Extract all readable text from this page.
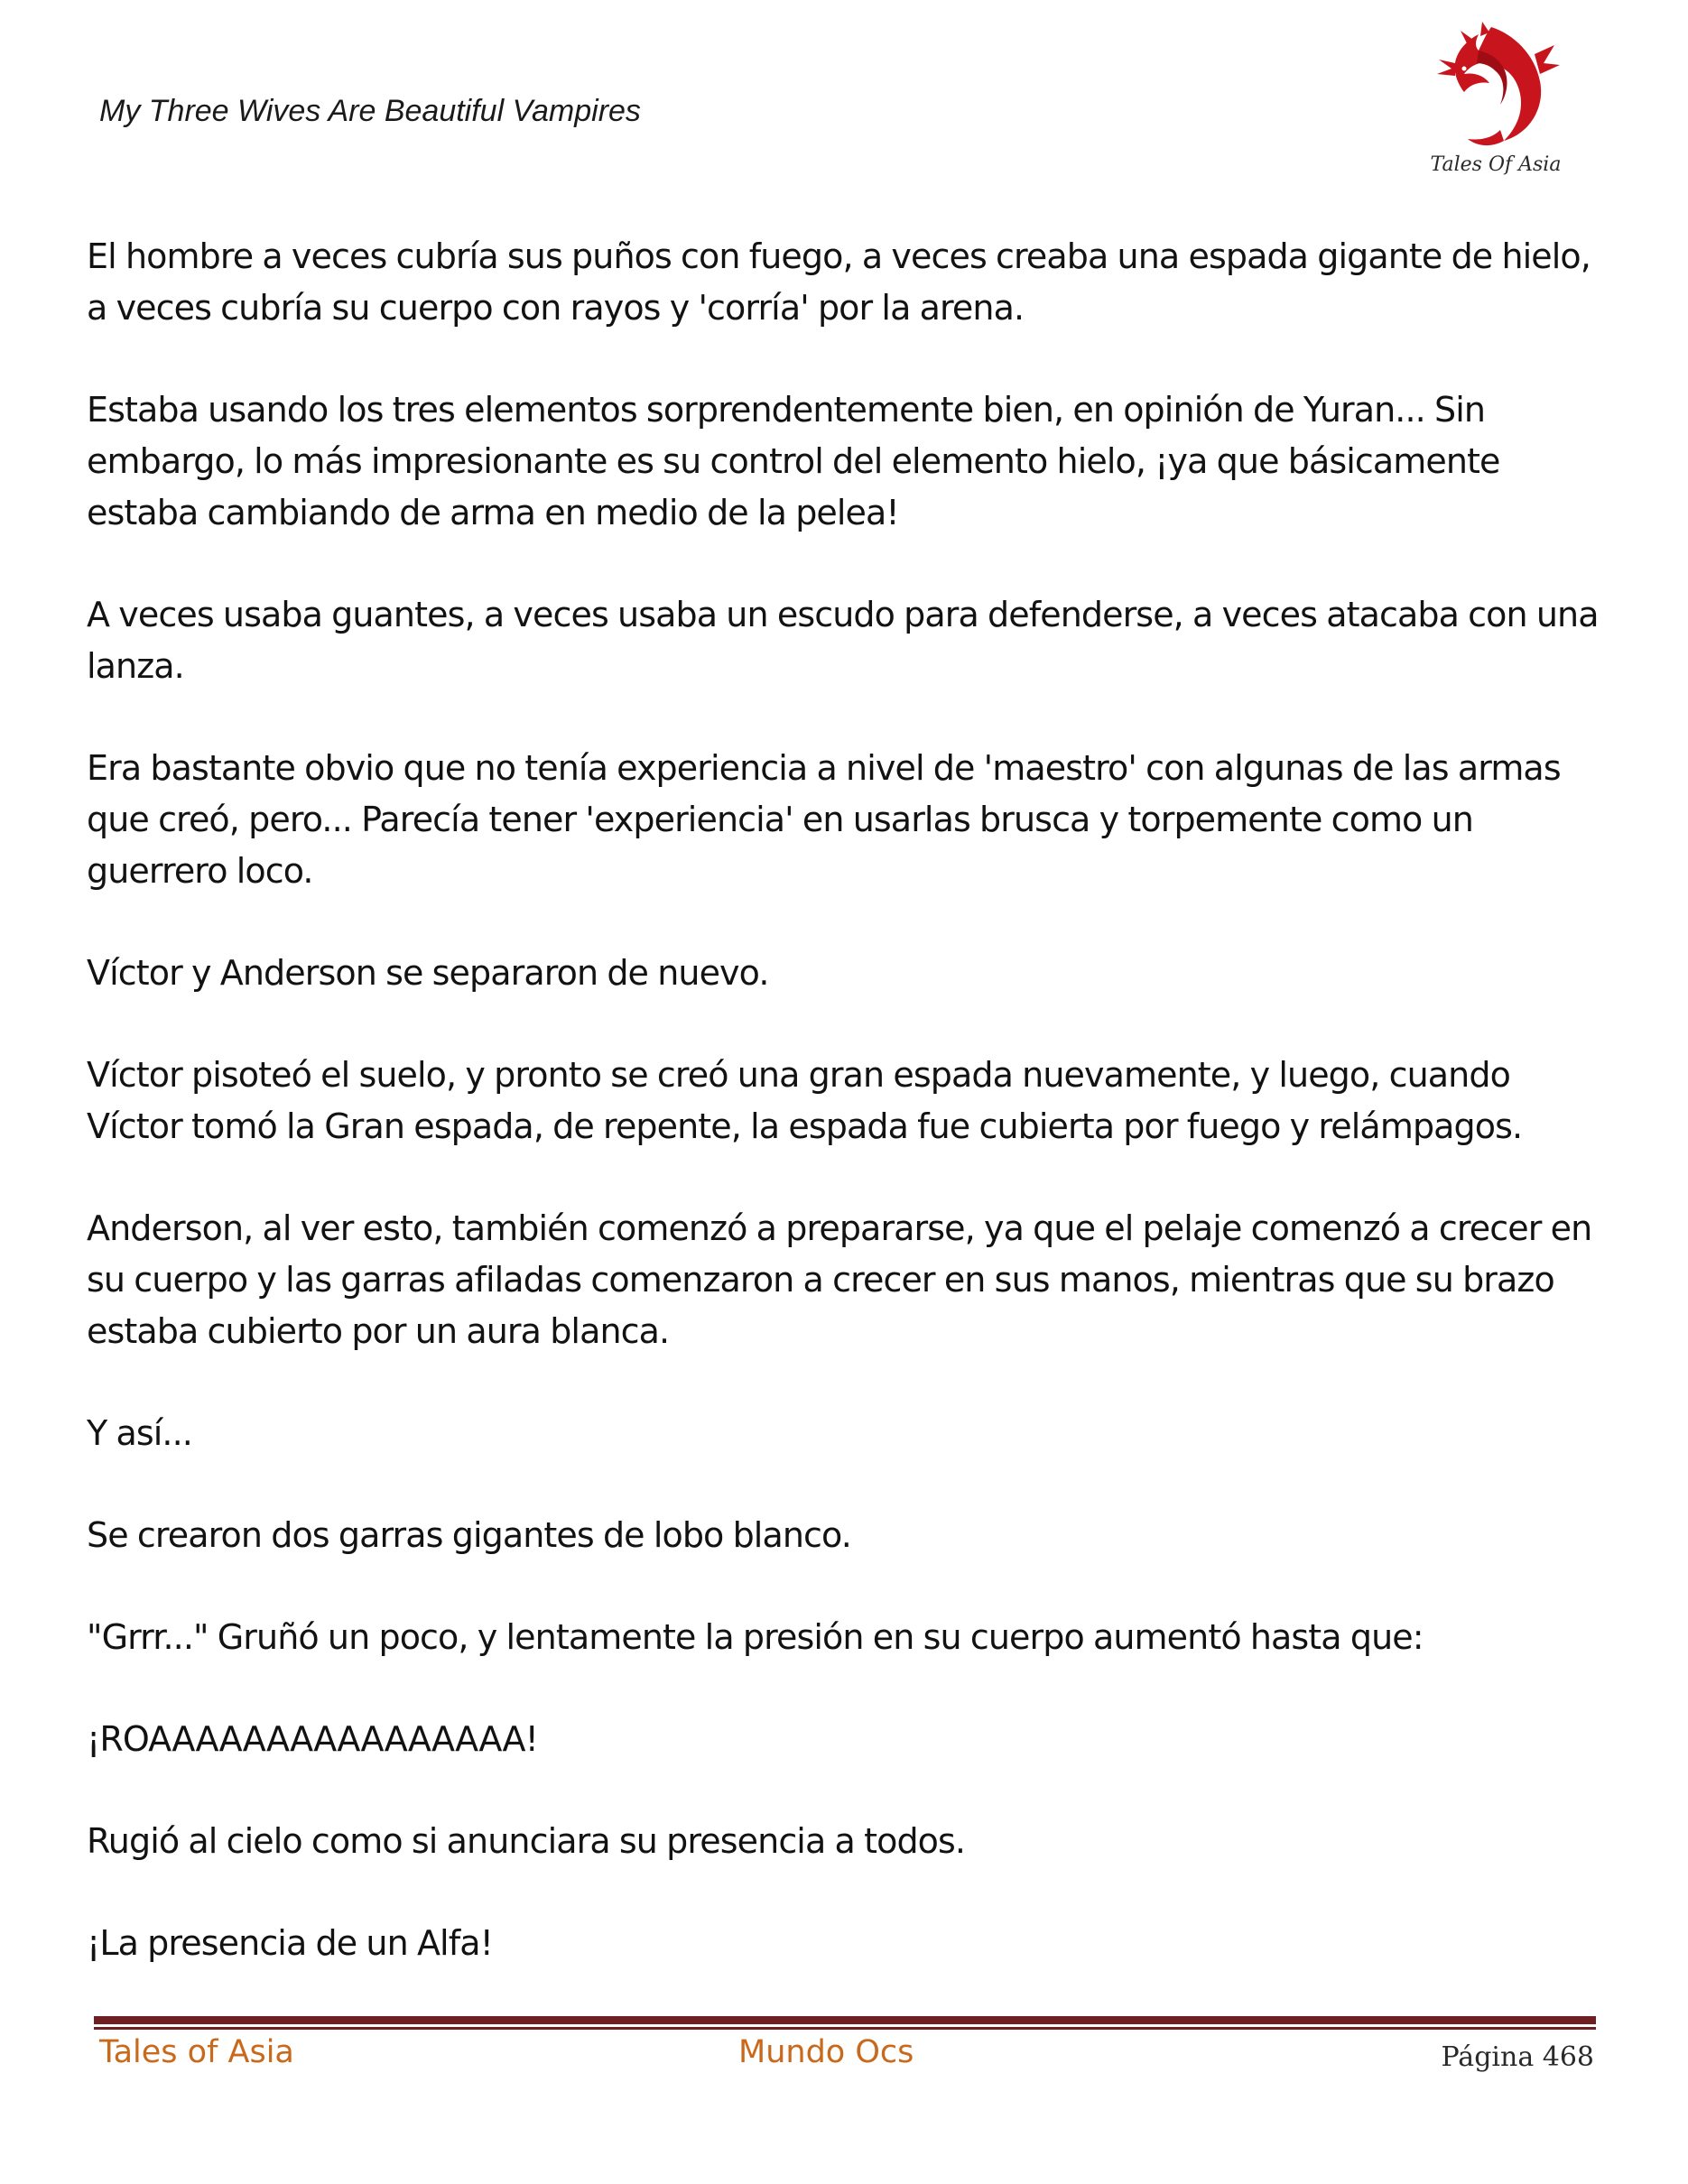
My Three Wives Are Beautiful Vampires
Tales Of Asia

El hombre a veces cubría sus puños con fuego, a veces creaba una espada gigante de hielo, a veces cubría su cuerpo con rayos y 'corría' por la arena.

Estaba usando los tres elementos sorprendentemente bien, en opinión de Yuran... Sin embargo, lo más impresionante es su control del elemento hielo, ¡ya que básicamente estaba cambiando de arma en medio de la pelea!

A veces usaba guantes, a veces usaba un escudo para defenderse, a veces atacaba con una lanza.

Era bastante obvio que no tenía experiencia a nivel de 'maestro' con algunas de las armas que creó, pero... Parecía tener 'experiencia' en usarlas brusca y torpemente como un guerrero loco.

Víctor y Anderson se separaron de nuevo.

Víctor pisoteó el suelo, y pronto se creó una gran espada nuevamente, y luego, cuando Víctor tomó la Gran espada, de repente, la espada fue cubierta por fuego y relámpagos.

Anderson, al ver esto, también comenzó a prepararse, ya que el pelaje comenzó a crecer en su cuerpo y las garras afiladas comenzaron a crecer en sus manos, mientras que su brazo estaba cubierto por un aura blanca.

Y así...

Se crearon dos garras gigantes de lobo blanco.

"Grrr..." Gruñó un poco, y lentamente la presión en su cuerpo aumentó hasta que:

¡ROAAAAAAAAAAAAAAAA!

Rugió al cielo como si anunciara su presencia a todos.

¡La presencia de un Alfa!

Tales of Asia	Mundo Ocs	Página 468
